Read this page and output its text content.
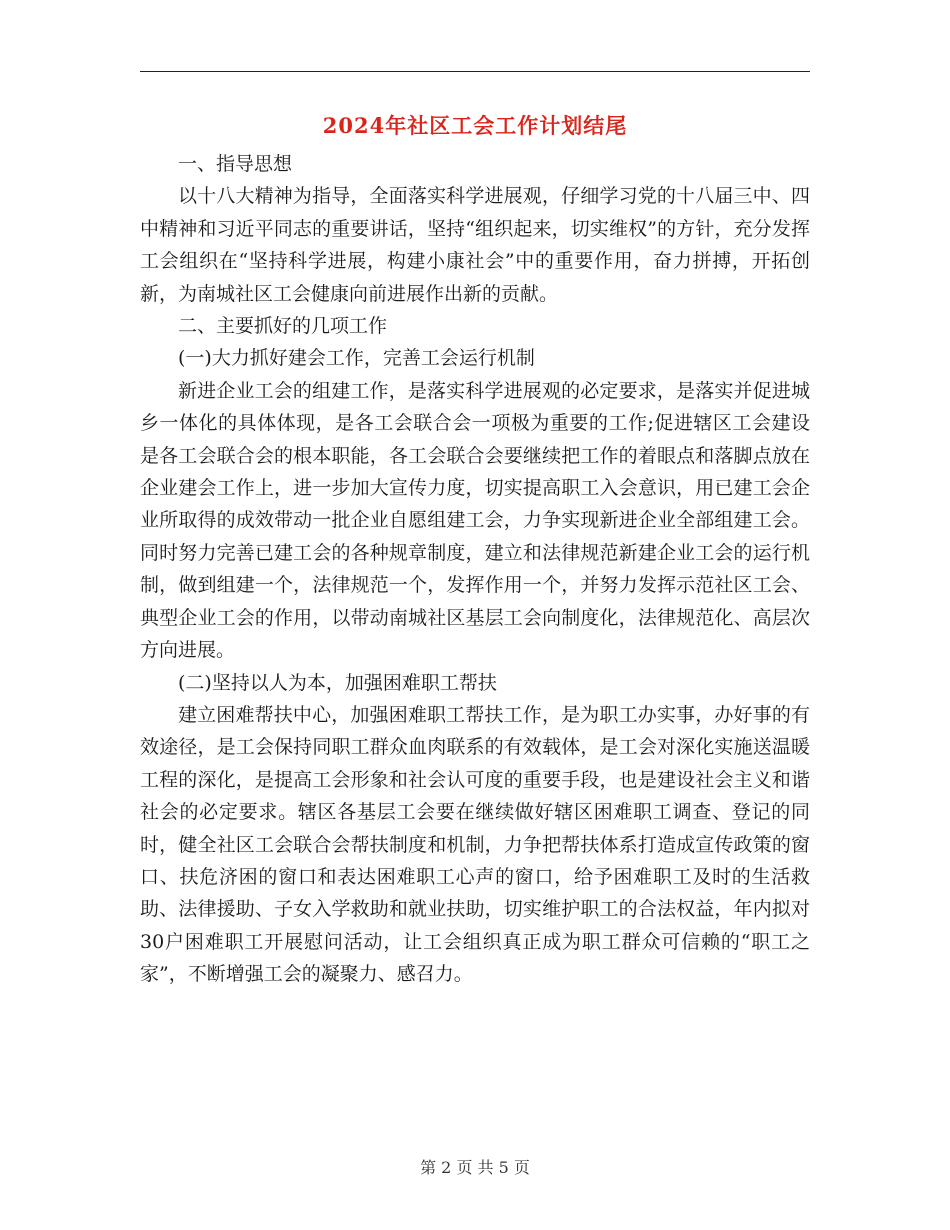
2024年社区工会工作计划结尾

一、指导思想

以十八大精神为指导，全面落实科学进展观，仔细学习党的十八届三中、四中精神和习近平同志的重要讲话，坚持“组织起来，切实维权”的方针，充分发挥工会组织在“坚持科学进展，构建小康社会”中的重要作用，奋力拼搏，开拓创新，为南城社区工会健康向前进展作出新的贡献。

二、主要抓好的几项工作

(一)大力抓好建会工作，完善工会运行机制

新进企业工会的组建工作，是落实科学进展观的必定要求，是落实并促进城乡一体化的具体体现，是各工会联合会一项极为重要的工作;促进辖区工会建设是各工会联合会的根本职能，各工会联合会要继续把工作的着眼点和落脚点放在企业建会工作上，进一步加大宣传力度，切实提高职工入会意识，用已建工会企业所取得的成效带动一批企业自愿组建工会，力争实现新进企业全部组建工会。同时努力完善已建工会的各种规章制度，建立和法律规范新建企业工会的运行机制，做到组建一个，法律规范一个，发挥作用一个，并努力发挥示范社区工会、典型企业工会的作用，以带动南城社区基层工会向制度化，法律规范化、高层次方向进展。

(二)坚持以人为本，加强困难职工帮扶

建立困难帮扶中心，加强困难职工帮扶工作，是为职工办实事，办好事的有效途径，是工会保持同职工群众血肉联系的有效载体，是工会对深化实施送温暖工程的深化，是提高工会形象和社会认可度的重要手段，也是建设社会主义和谐社会的必定要求。辖区各基层工会要在继续做好辖区困难职工调查、登记的同时，健全社区工会联合会帮扶制度和机制，力争把帮扶体系打造成宣传政策的窗口、扶危济困的窗口和表达困难职工心声的窗口，给予困难职工及时的生活救助、法律援助、子女入学救助和就业扶助，切实维护职工的合法权益，年内拟对30户困难职工开展慰问活动，让工会组织真正成为职工群众可信赖的“职工之家”，不断增强工会的凝聚力、感召力。

第 2 页 共 5 页
